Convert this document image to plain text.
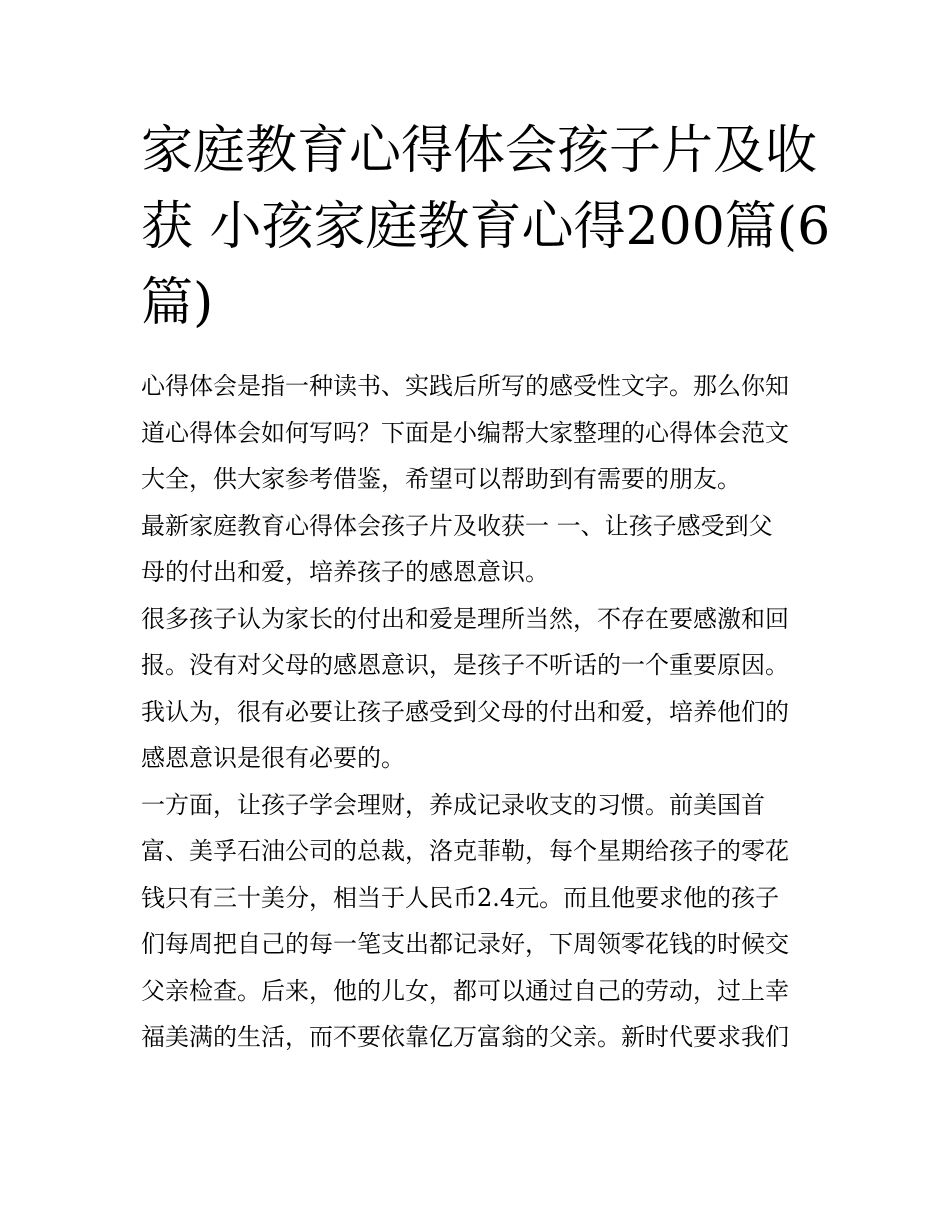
家庭教育心得体会孩子片及收
获 小孩家庭教育心得200篇(6
篇)

心得体会是指一种读书、实践后所写的感受性文字。那么你知
道心得体会如何写吗？下面是小编帮大家整理的心得体会范文
大全，供大家参考借鉴，希望可以帮助到有需要的朋友。

最新家庭教育心得体会孩子片及收获一 一、让孩子感受到父
母的付出和爱，培养孩子的感恩意识。

很多孩子认为家长的付出和爱是理所当然，不存在要感激和回
报。没有对父母的感恩意识，是孩子不听话的一个重要原因。
我认为，很有必要让孩子感受到父母的付出和爱，培养他们的
感恩意识是很有必要的。

一方面，让孩子学会理财，养成记录收支的习惯。前美国首
富、美孚石油公司的总裁，洛克菲勒，每个星期给孩子的零花
钱只有三十美分，相当于人民币2.4元。而且他要求他的孩子
们每周把自己的每一笔支出都记录好，下周领零花钱的时候交
父亲检查。后来，他的儿女，都可以通过自己的劳动，过上幸
福美满的生活，而不要依靠亿万富翁的父亲。新时代要求我们
